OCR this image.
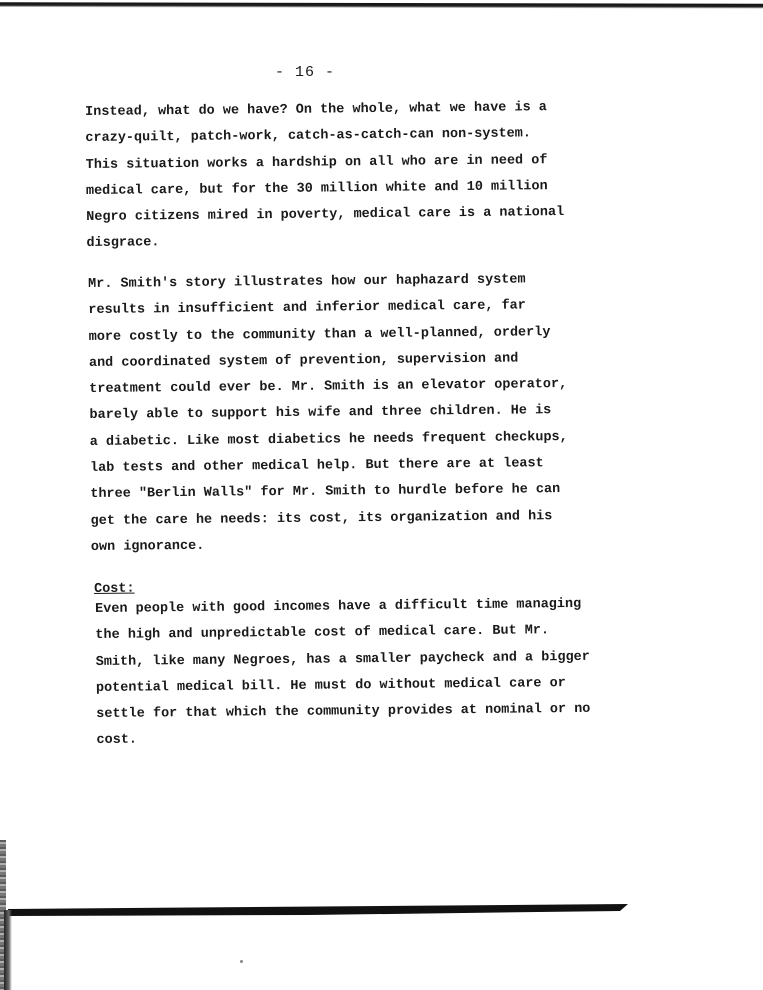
- 16 -
Instead, what do we have? On the whole, what we have is a
crazy-quilt, patch-work, catch-as-catch-can non-system.
This situation works a hardship on all who are in need of
medical care, but for the 30 million white and 10 million
Negro citizens mired in poverty, medical care is a national
disgrace.
Mr. Smith's story illustrates how our haphazard system
results in insufficient and inferior medical care, far
more costly to the community than a well-planned, orderly
and coordinated system of prevention, supervision and
treatment could ever be. Mr. Smith is an elevator operator,
barely able to support his wife and three children. He is
a diabetic. Like most diabetics he needs frequent checkups,
lab tests and other medical help. But there are at least
three "Berlin Walls" for Mr. Smith to hurdle before he can
get the care he needs: its cost, its organization and his
own ignorance.
Cost:
Even people with good incomes have a difficult time managing
the high and unpredictable cost of medical care. But Mr.
Smith, like many Negroes, has a smaller paycheck and a bigger
potential medical bill. He must do without medical care or
settle for that which the community provides at nominal or no
cost.
